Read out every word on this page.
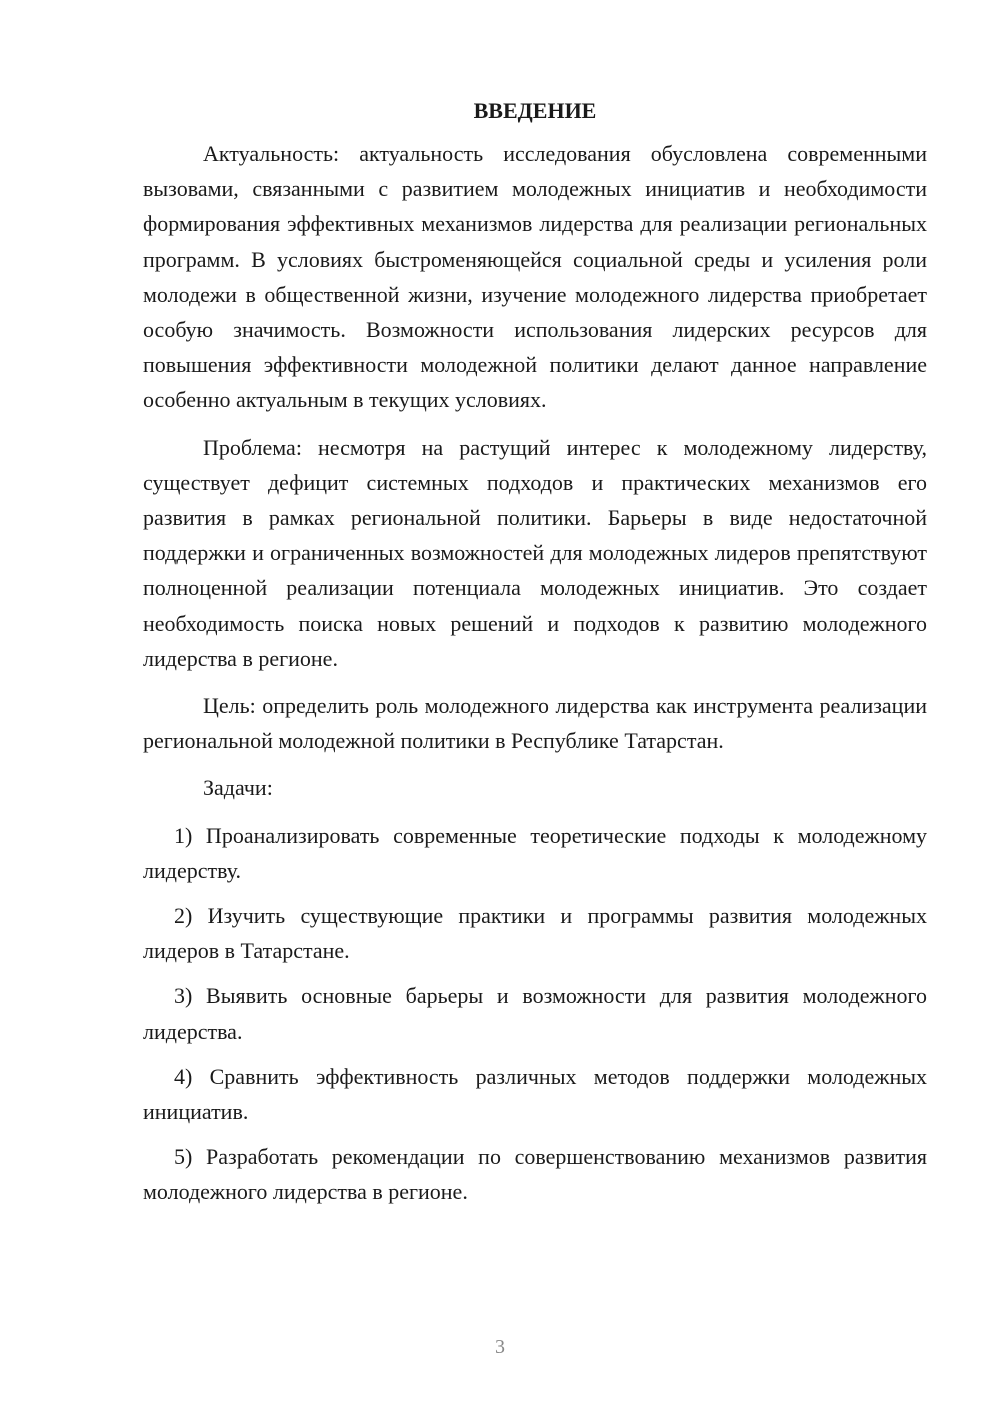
ВВЕДЕНИЕ

Актуальность: актуальность исследования обусловлена современными вызовами, связанными с развитием молодежных инициатив и необходимости формирования эффективных механизмов лидерства для реализации региональных программ. В условиях быстроменяющейся социальной среды и усиления роли молодежи в общественной жизни, изучение молодежного лидерства приобретает особую значимость. Возможности использования лидерских ресурсов для повышения эффективности молодежной политики делают данное направление особенно актуальным в текущих условиях.

Проблема: несмотря на растущий интерес к молодежному лидерству, существует дефицит системных подходов и практических механизмов его развития в рамках региональной политики. Барьеры в виде недостаточной поддержки и ограниченных возможностей для молодежных лидеров препятствуют полноценной реализации потенциала молодежных инициатив. Это создает необходимость поиска новых решений и подходов к развитию молодежного лидерства в регионе.

Цель: определить роль молодежного лидерства как инструмента реализации региональной молодежной политики в Республике Татарстан.

Задачи:

1) Проанализировать современные теоретические подходы к молодежному лидерству.

2) Изучить существующие практики и программы развития молодежных лидеров в Татарстане.

3) Выявить основные барьеры и возможности для развития молодежного лидерства.

4) Сравнить эффективность различных методов поддержки молодежных инициатив.

5) Разработать рекомендации по совершенствованию механизмов развития молодежного лидерства в регионе.

3
